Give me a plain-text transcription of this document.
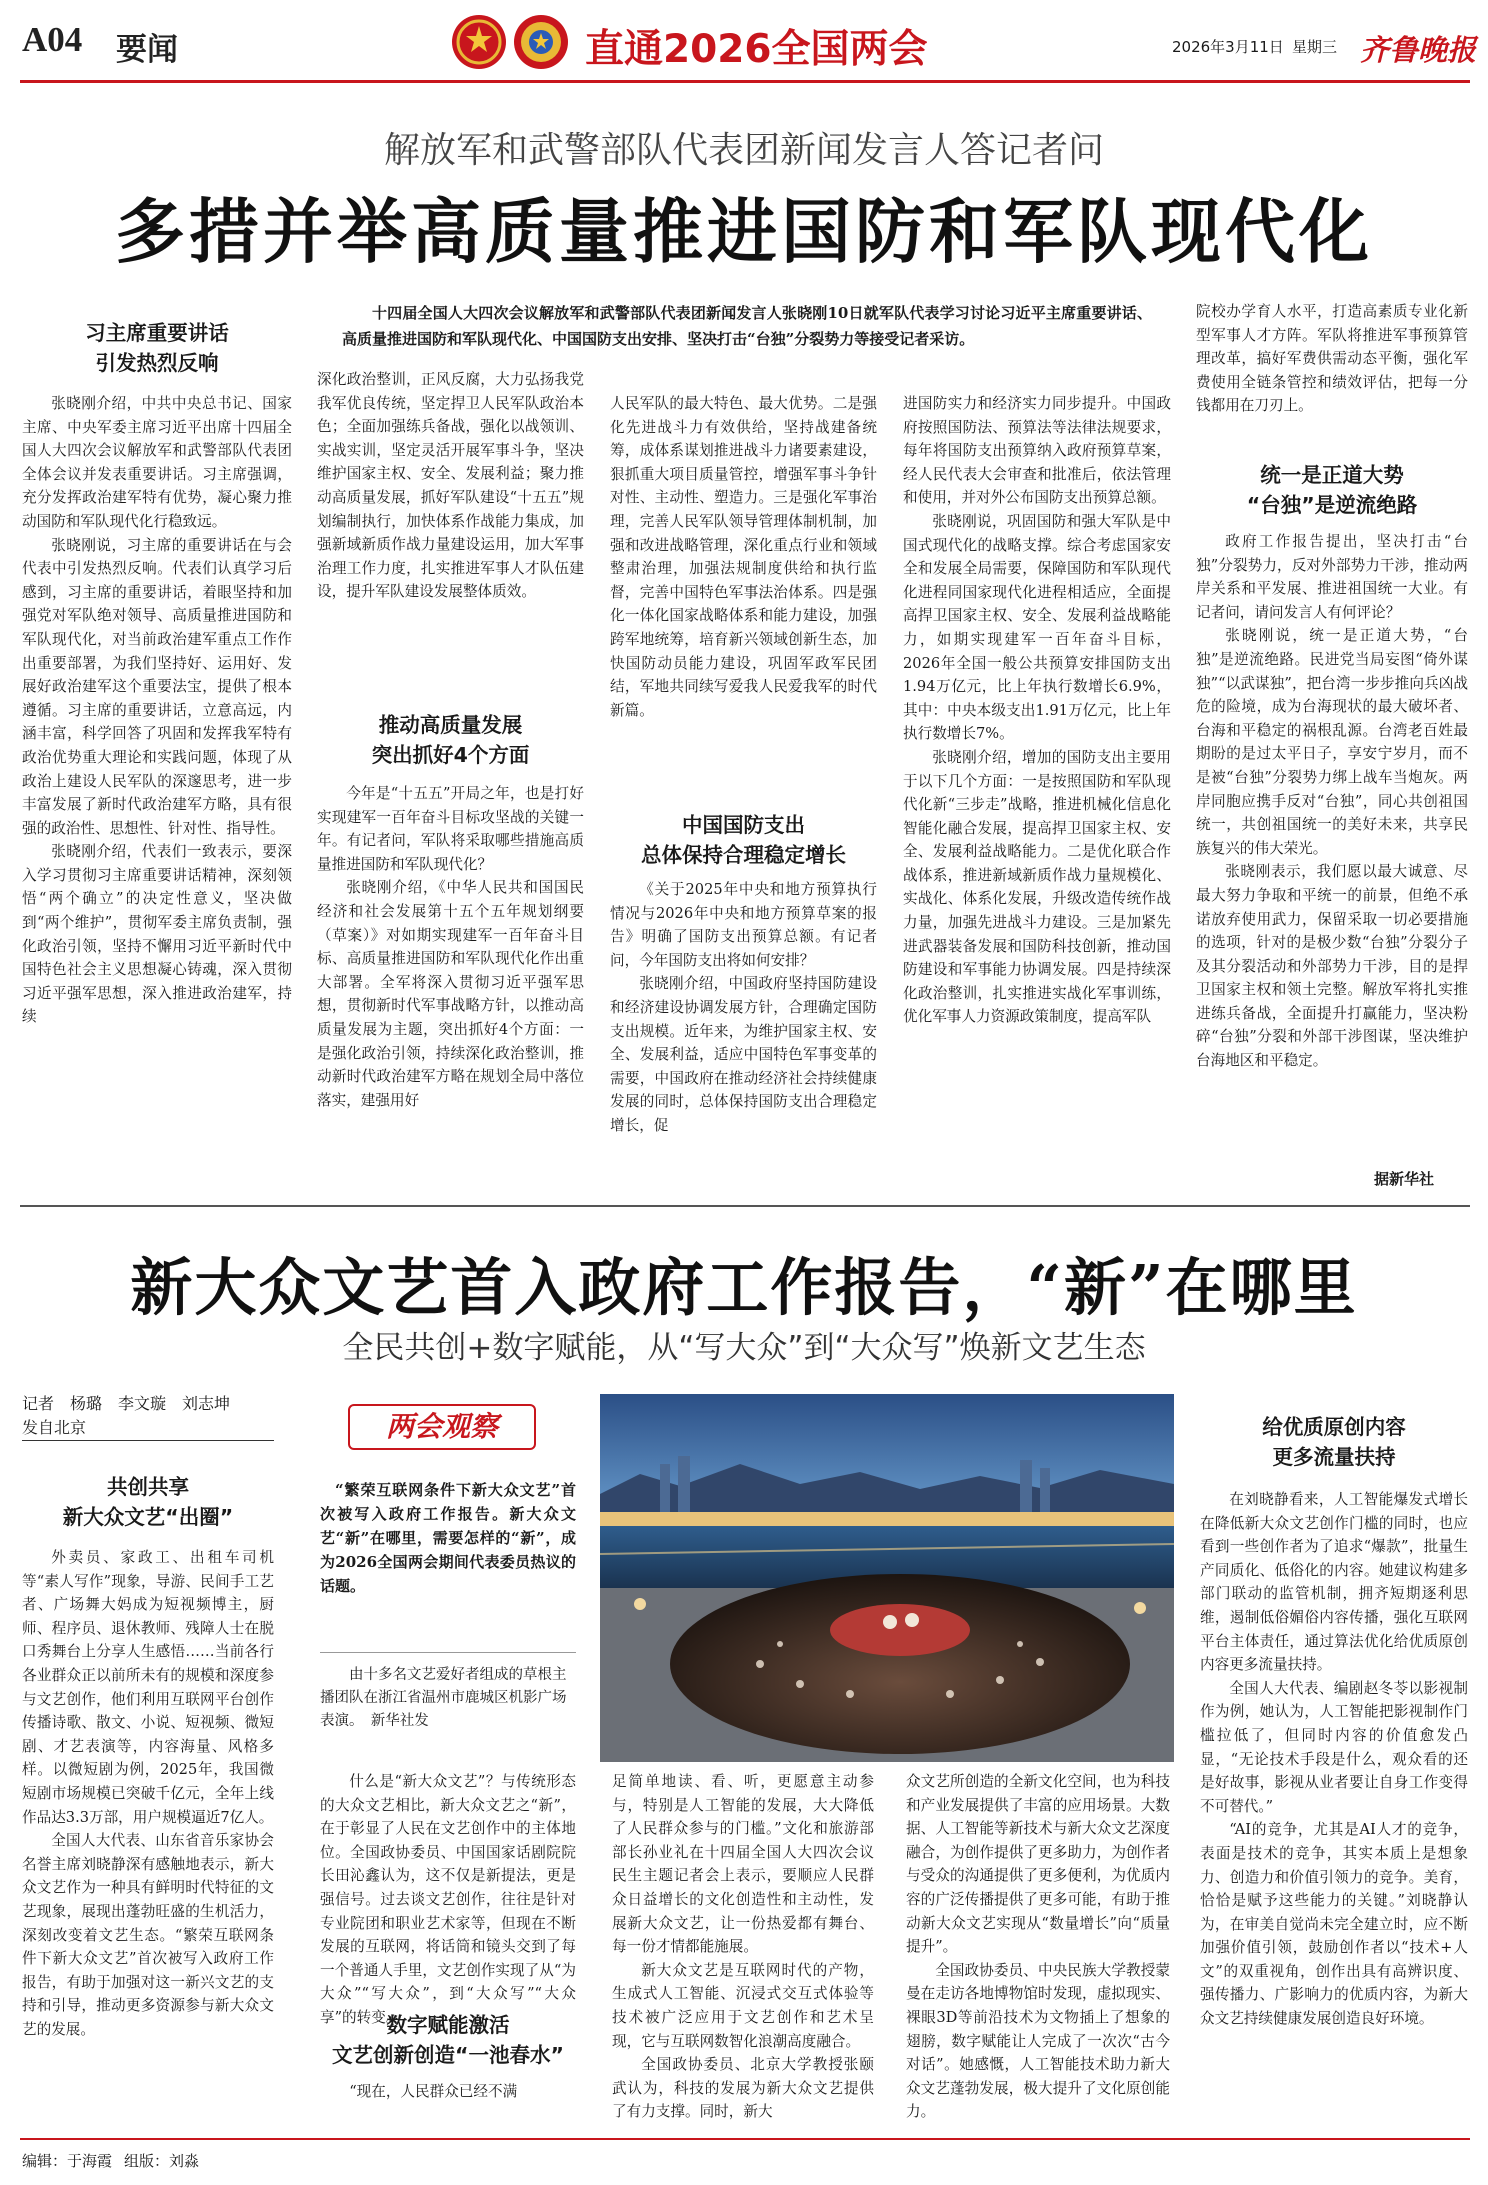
A04 要闻	直通2026全国两会	2026年3月11日 星期三 齐鲁晚报
解放军和武警部队代表团新闻发言人答记者问
多措并举高质量推进国防和军队现代化
十四届全国人大四次会议解放军和武警部队代表团新闻发言人张晓刚10日就军队代表学习讨论习近平主席重要讲话、高质量推进国防和军队现代化、中国国防支出安排、坚决打击“台独”分裂势力等接受记者采访。
习主席重要讲话
引发热烈反响

张晓刚介绍，中共中央总书记、国家主席、中央军委主席习近平出席十四届全国人大四次会议解放军和武警部队代表团全体会议并发表重要讲话。习主席强调，充分发挥政治建军特有优势，凝心聚力推动国防和军队现代化行稳致远。

张晓刚说，习主席的重要讲话在与会代表中引发热烈反响。代表们认真学习后感到，习主席的重要讲话，着眼坚持和加强党对军队绝对领导、高质量推进国防和军队现代化，对当前政治建军重点工作作出重要部署，为我们坚持好、运用好、发展好政治建军这个重要法宝，提供了根本遵循。习主席的重要讲话，立意高远，内涵丰富，科学回答了巩固和发挥我军特有政治优势重大理论和实践问题，体现了从政治上建设人民军队的深邃思考，进一步丰富发展了新时代政治建军方略，具有很强的政治性、思想性、针对性、指导性。

张晓刚介绍，代表们一致表示，要深入学习贯彻习主席重要讲话精神，深刻领悟“两个确立”的决定性意义，坚决做到“两个维护”，贯彻军委主席负责制，强化政治引领，坚持不懈用习近平新时代中国特色社会主义思想凝心铸魂，深入贯彻习近平强军思想，深入推进政治建军，持续

深化政治整训，正风反腐，大力弘扬我党我军优良传统，坚定捍卫人民军队政治本色；全面加强练兵备战，强化以战领训、实战实训，坚定灵活开展军事斗争，坚决维护国家主权、安全、发展利益；聚力推动高质量发展，抓好军队建设“十五五”规划编制执行，加快体系作战能力集成，加强新域新质作战力量建设运用，加大军事治理工作力度，扎实推进军事人才队伍建设，提升军队建设发展整体质效。

推动高质量发展
突出抓好4个方面

今年是“十五五”开局之年，也是打好实现建军一百年奋斗目标攻坚战的关键一年。有记者问，军队将采取哪些措施高质量推进国防和军队现代化？

张晓刚介绍，《中华人民共和国国民经济和社会发展第十五个五年规划纲要（草案）》对如期实现建军一百年奋斗目标、高质量推进国防和军队现代化作出重大部署。全军将深入贯彻习近平强军思想，贯彻新时代军事战略方针，以推动高质量发展为主题，突出抓好4个方面：一是强化政治引领，持续深化政治整训，推动新时代政治建军方略在规划全局中落位落实，建强用好

人民军队的最大特色、最大优势。二是强化先进战斗力有效供给，坚持战建备统筹，成体系谋划推进战斗力诸要素建设，狠抓重大项目质量管控，增强军事斗争针对性、主动性、塑造力。三是强化军事治理，完善人民军队领导管理体制机制，加强和改进战略管理，深化重点行业和领域整肃治理，加强法规制度供给和执行监督，完善中国特色军事法治体系。四是强化一体化国家战略体系和能力建设，加强跨军地统筹，培育新兴领域创新生态，加快国防动员能力建设，巩固军政军民团结，军地共同续写爱我人民爱我军的时代新篇。

中国国防支出
总体保持合理稳定增长

《关于2025年中央和地方预算执行情况与2026年中央和地方预算草案的报告》明确了国防支出预算总额。有记者问，今年国防支出将如何安排？

张晓刚介绍，中国政府坚持国防建设和经济建设协调发展方针，合理确定国防支出规模。近年来，为维护国家主权、安全、发展利益，适应中国特色军事变革的需要，中国政府在推动经济社会持续健康发展的同时，总体保持国防支出合理稳定增长，促

进国防实力和经济实力同步提升。中国政府按照国防法、预算法等法律法规要求，每年将国防支出预算纳入政府预算草案，经人民代表大会审查和批准后，依法管理和使用，并对外公布国防支出预算总额。

张晓刚说，巩固国防和强大军队是中国式现代化的战略支撑。综合考虑国家安全和发展全局需要，保障国防和军队现代化进程同国家现代化进程相适应，全面提高捍卫国家主权、安全、发展利益战略能力，如期实现建军一百年奋斗目标，2026年全国一般公共预算安排国防支出1.94万亿元，比上年执行数增长6.9%，其中：中央本级支出1.91万亿元，比上年执行数增长7%。

张晓刚介绍，增加的国防支出主要用于以下几个方面：一是按照国防和军队现代化新“三步走”战略，推进机械化信息化智能化融合发展，提高捍卫国家主权、安全、发展利益战略能力。二是优化联合作战体系，推进新域新质作战力量规模化、实战化、体系化发展，升级改造传统作战力量，加强先进战斗力建设。三是加紧先进武器装备发展和国防科技创新，推动国防建设和军事能力协调发展。四是持续深化政治整训，扎实推进实战化军事训练，优化军事人力资源政策制度，提高军队

院校办学育人水平，打造高素质专业化新型军事人才方阵。军队将推进军事预算管理改革，搞好军费供需动态平衡，强化军费使用全链条管控和绩效评估，把每一分钱都用在刀刃上。

统一是正道大势
“台独”是逆流绝路

政府工作报告提出，坚决打击“台独”分裂势力，反对外部势力干涉，推动两岸关系和平发展、推进祖国统一大业。有记者问，请问发言人有何评论？

张晓刚说，统一是正道大势，“台独”是逆流绝路。民进党当局妄图“倚外谋独”“以武谋独”，把台湾一步步推向兵凶战危的险境，成为台海现状的最大破坏者、台海和平稳定的祸根乱源。台湾老百姓最期盼的是过太平日子，享安宁岁月，而不是被“台独”分裂势力绑上战车当炮灰。两岸同胞应携手反对“台独”，同心共创祖国统一，共创祖国统一的美好未来，共享民族复兴的伟大荣光。

张晓刚表示，我们愿以最大诚意、尽最大努力争取和平统一的前景，但绝不承诺放弃使用武力，保留采取一切必要措施的选项，针对的是极少数“台独”分裂分子及其分裂活动和外部势力干涉，目的是捍卫国家主权和领土完整。解放军将扎实推进练兵备战，全面提升打赢能力，坚决粉碎“台独”分裂和外部干涉图谋，坚决维护台海地区和平稳定。

据新华社
新大众文艺首入政府工作报告，“新”在哪里
全民共创+数字赋能，从“写大众”到“大众写”焕新文艺生态
记者　杨璐　李文璇　刘志坤
发自北京
共创共享
新大众文艺“出圈”

外卖员、家政工、出租车司机等“素人写作”现象，导游、民间手工艺者、广场舞大妈成为短视频博主，厨师、程序员、退休教师、残障人士在脱口秀舞台上分享人生感悟……当前各行各业群众正以前所未有的规模和深度参与文艺创作，他们利用互联网平台创作传播诗歌、散文、小说、短视频、微短剧、才艺表演等，内容海量、风格多样。以微短剧为例，2025年，我国微短剧市场规模已突破千亿元，全年上线作品达3.3万部，用户规模逼近7亿人。

全国人大代表、山东省音乐家协会名誉主席刘晓静深有感触地表示，新大众文艺作为一种具有鲜明时代特征的文艺现象，展现出蓬勃旺盛的生机活力，深刻改变着文艺生态。“繁荣互联网条件下新大众文艺”首次被写入政府工作报告，有助于加强对这一新兴文艺的支持和引导，推动更多资源参与新大众文艺的发展。

两会观察
“繁荣互联网条件下新大众文艺”首次被写入政府工作报告。新大众文艺“新”在哪里，需要怎样的“新”，成为2026全国两会期间代表委员热议的话题。
由十多名文艺爱好者组成的草根主播团队在浙江省温州市鹿城区机影广场表演。　新华社发

什么是“新大众文艺”？与传统形态的大众文艺相比，新大众文艺之“新”，在于彰显了人民在文艺创作中的主体地位。全国政协委员、中国国家话剧院院长田沁鑫认为，这不仅是新提法，更是强信号。过去谈文艺创作，往往是针对专业院团和职业艺术家等，但现在不断发展的互联网，将话筒和镜头交到了每一个普通人手里，文艺创作实现了从“为大众”“写大众”，到“大众写”“大众享”的转变。

数字赋能激活
文艺创新创造“一池春水”

“现在，人民群众已经不满

足简单地读、看、听，更愿意主动参与，特别是人工智能的发展，大大降低了人民群众参与的门槛。”文化和旅游部部长孙业礼在十四届全国人大四次会议民生主题记者会上表示，要顺应人民群众日益增长的文化创造性和主动性，发展新大众文艺，让一份热爱都有舞台、每一份才情都能施展。

新大众文艺是互联网时代的产物，生成式人工智能、沉浸式交互式体验等技术被广泛应用于文艺创作和艺术呈现，它与互联网数智化浪潮高度融合。

全国政协委员、北京大学教授张颐武认为，科技的发展为新大众文艺提供了有力支撑。同时，新大

众文艺所创造的全新文化空间，也为科技和产业发展提供了丰富的应用场景。大数据、人工智能等新技术与新大众文艺深度融合，为创作提供了更多助力，为创作者与受众的沟通提供了更多便利，为优质内容的广泛传播提供了更多可能，有助于推动新大众文艺实现从“数量增长”向“质量提升”。

全国政协委员、中央民族大学教授蒙曼在走访各地博物馆时发现，虚拟现实、裸眼3D等前沿技术为文物插上了想象的翅膀，数字赋能让人完成了一次次“古今对话”。她感慨，人工智能技术助力新大众文艺蓬勃发展，极大提升了文化原创能力。

给优质原创内容
更多流量扶持

在刘晓静看来，人工智能爆发式增长在降低新大众文艺创作门槛的同时，也应看到一些创作者为了追求“爆款”，批量生产同质化、低俗化的内容。她建议构建多部门联动的监管机制，拥齐短期逐利思维，遏制低俗媚俗内容传播，强化互联网平台主体责任，通过算法优化给优质原创内容更多流量扶持。

全国人大代表、编剧赵冬苓以影视制作为例，她认为，人工智能把影视制作门槛拉低了，但同时内容的价值愈发凸显，“无论技术手段是什么，观众看的还是好故事，影视从业者要让自身工作变得不可替代。”

“AI的竞争，尤其是AI人才的竞争，表面是技术的竞争，其实本质上是想象力、创造力和价值引领力的竞争。美育，恰恰是赋予这些能力的关键。”刘晓静认为，在审美自觉尚未完全建立时，应不断加强价值引领，鼓励创作者以“技术+人文”的双重视角，创作出具有高辨识度、强传播力、广影响力的优质内容，为新大众文艺持续健康发展创造良好环境。

编辑：于海霞 组版：刘淼
